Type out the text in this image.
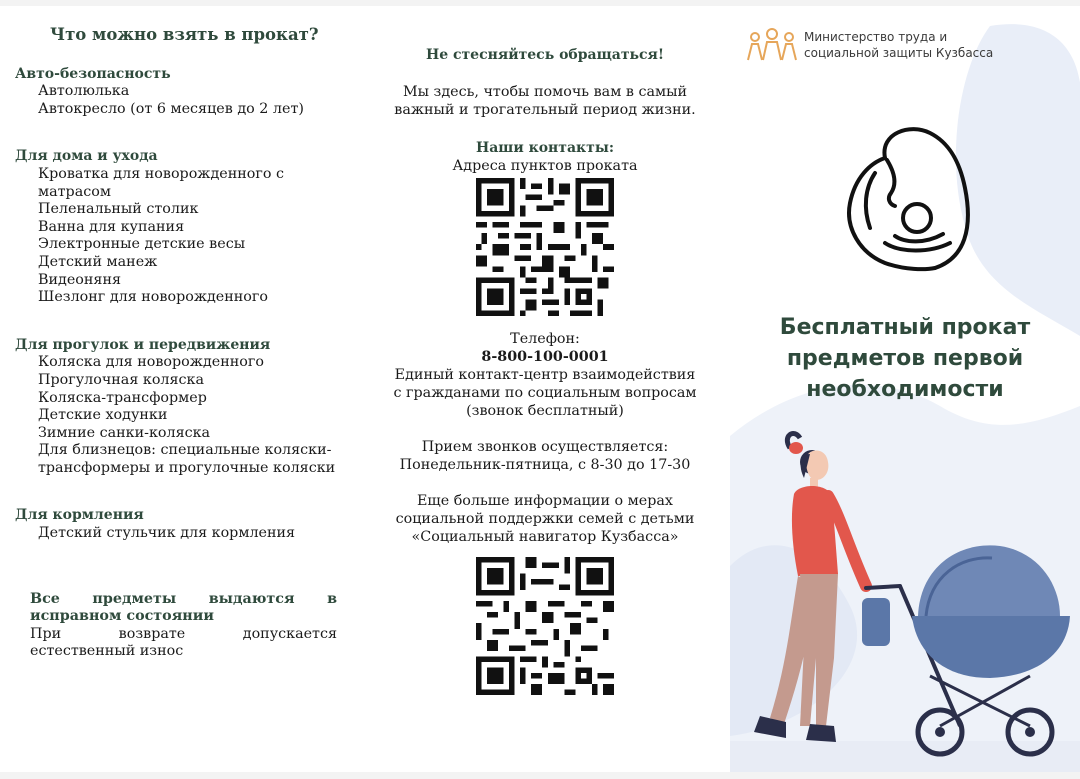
Что можно взять в прокат?
Авто-безопасность
Автолюлька
Автокресло (от 6 месяцев до 2 лет)
Для дома и ухода
Кроватка для новорожденного с матрасом
Пеленальный столик
Ванна для купания
Электронные детские весы
Детский манеж
Видеоняня
Шезлонг для новорожденного
Для прогулок и передвижения
Коляска для новорожденного
Прогулочная коляска
Коляска-трансформер
Детские ходунки
Зимние санки-коляска
Для близнецов: специальные коляски-трансформеры и прогулочные коляски
Для кормления
Детский стульчик для кормления
Все предметы выдаются в исправном состоянии
При возврате допускается естественный износ
Не стесняйтесь обращаться!
Мы здесь, чтобы помочь вам в самый важный и трогательный период жизни.
Наши контакты:
Адреса пунктов проката
Телефон:
8-800-100-0001
Единый контакт-центр взаимодействия с гражданами по социальным вопросам (звонок бесплатный)
Прием звонков осуществляется:
Понедельник-пятница, с 8-30 до 17-30
Еще больше информации о мерах социальной поддержки семей с детьми «Социальный навигатор Кузбасса»
Министерство труда и
социальной защиты Кузбасса
Бесплатный прокат предметов первой необходимости
